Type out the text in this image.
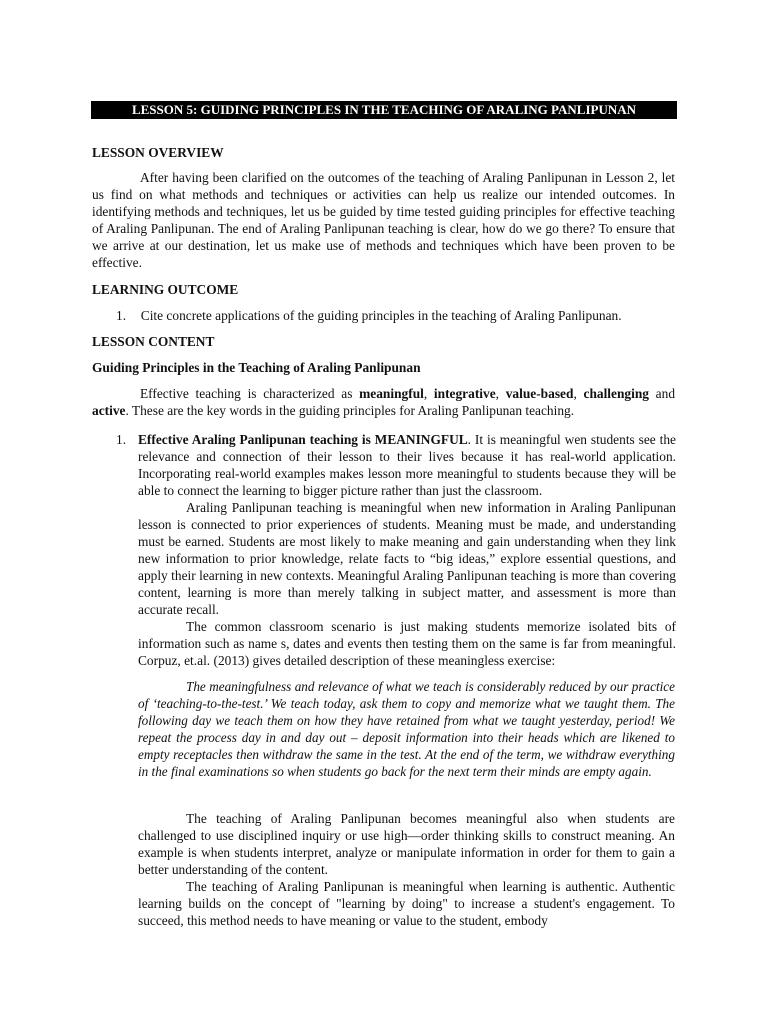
LESSON 5: GUIDING PRINCIPLES IN THE TEACHING OF ARALING PANLIPUNAN
LESSON OVERVIEW

After having been clarified on the outcomes of the teaching of Araling Panlipunan in Lesson 2, let us find on what methods and techniques or activities can help us realize our intended outcomes. In identifying methods and techniques, let us be guided by time tested guiding principles for effective teaching of Araling Panlipunan. The end of Araling Panlipunan teaching is clear, how do we go there? To ensure that we arrive at our destination, let us make use of methods and techniques which have been proven to be effective.

LEARNING OUTCOME
1. Cite concrete applications of the guiding principles in the teaching of Araling Panlipunan.
LESSON CONTENT
Guiding Principles in the Teaching of Araling Panlipunan

Effective teaching is characterized as meaningful, integrative, value-based, challenging and active. These are the key words in the guiding principles for Araling Panlipunan teaching.

1. Effective Araling Panlipunan teaching is MEANINGFUL. It is meaningful wen students see the relevance and connection of their lesson to their lives because it has real-world application. Incorporating real-world examples makes lesson more meaningful to students because they will be able to connect the learning to bigger picture rather than just the classroom.

Araling Panlipunan teaching is meaningful when new information in Araling Panlipunan lesson is connected to prior experiences of students. Meaning must be made, and understanding must be earned. Students are most likely to make meaning and gain understanding when they link new information to prior knowledge, relate facts to “big ideas,” explore essential questions, and apply their learning in new contexts. Meaningful Araling Panlipunan teaching is more than covering content, learning is more than merely talking in subject matter, and assessment is more than accurate recall.

The common classroom scenario is just making students memorize isolated bits of information such as name s, dates and events then testing them on the same is far from meaningful. Corpuz, et.al. (2013) gives detailed description of these meaningless exercise:

The meaningfulness and relevance of what we teach is considerably reduced by our practice of ‘teaching-to-the-test.’ We teach today, ask them to copy and memorize what we taught them. The following day we teach them on how they have retained from what we taught yesterday, period! We repeat the process day in and day out – deposit information into their heads which are likened to empty receptacles then withdraw the same in the test. At the end of the term, we withdraw everything in the final examinations so when students go back for the next term their minds are empty again.

The teaching of Araling Panlipunan becomes meaningful also when students are challenged to use disciplined inquiry or use high—order thinking skills to construct meaning. An example is when students interpret, analyze or manipulate information in order for them to gain a better understanding of the content.

The teaching of Araling Panlipunan is meaningful when learning is authentic. Authentic learning builds on the concept of "learning by doing" to increase a student's engagement. To succeed, this method needs to have meaning or value to the student, embody
